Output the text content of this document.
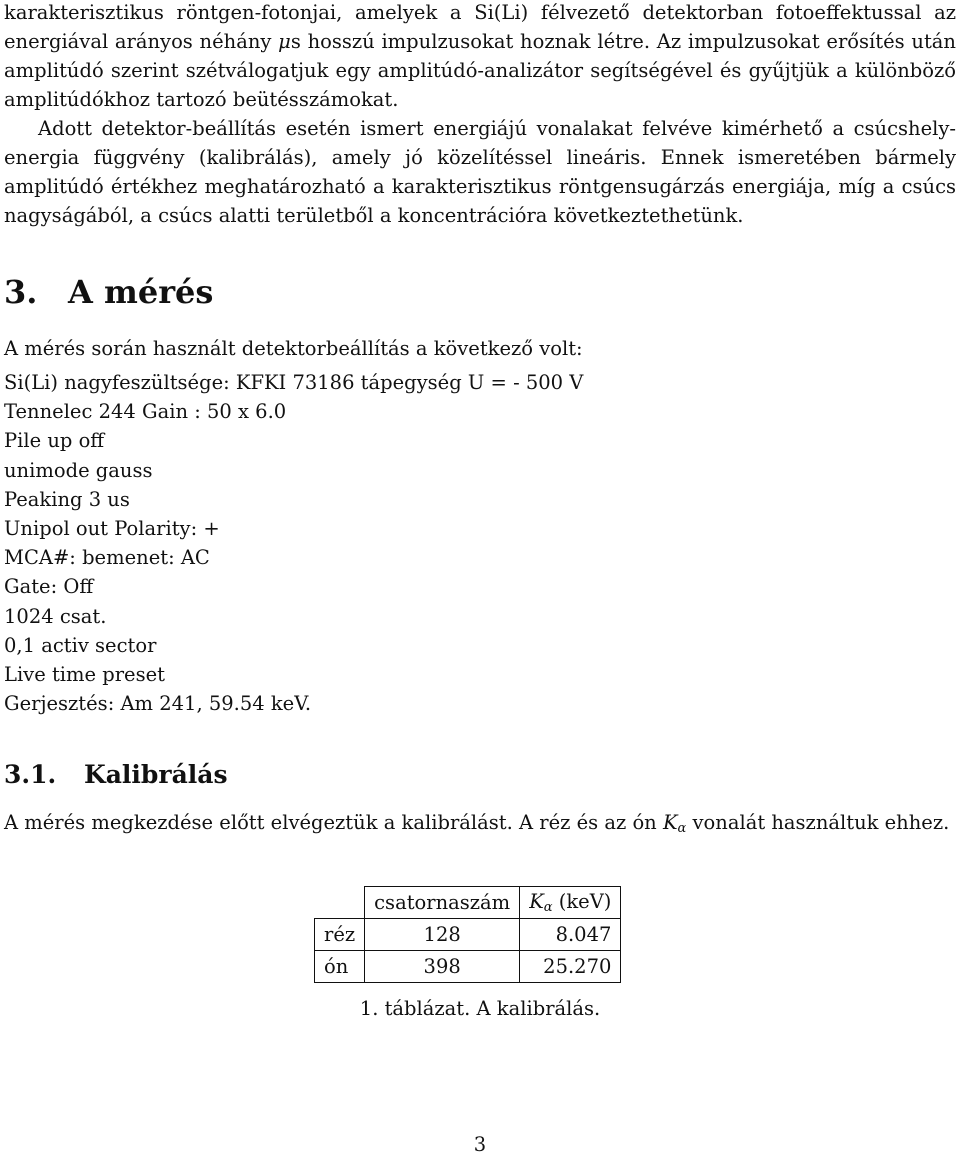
karakterisztikus röntgen-fotonjai, amelyek a Si(Li) félvezető detektorban fotoeffektussal az energiával arányos néhány μs hosszú impulzusokat hoznak létre. Az impulzusokat erősítés után amplitúdó szerint szétválogatjuk egy amplitúdó-analizátor segítségével és gyűjtjük a különböző amplitúdókhoz tartozó beütésszámokat.

Adott detektor-beállítás esetén ismert energiájú vonalakat felvéve kimérhető a csúcshely-energia függvény (kalibrálás), amely jó közelítéssel lineáris. Ennek ismeretében bármely amplitúdó értékhez meghatározható a karakterisztikus röntgensugárzás energiája, míg a csúcs nagyságából, a csúcs alatti területből a koncentrációra következtethetünk.

3. A mérés

A mérés során használt detektorbeállítás a következő volt:

Si(Li) nagyfeszültsége: KFKI 73186 tápegység U = - 500 V
Tennelec 244 Gain : 50 x 6.0
Pile up off
unimode gauss
Peaking 3 us
Unipol out Polarity: +
MCA#: bemenet: AC
Gate: Off
1024 csat.
0,1 activ sector
Live time preset
Gerjesztés: Am 241, 59.54 keV.
3.1. Kalibrálás

A mérés megkezdése előtt elvégeztük a kalibrálást. A réz és az ón $K_\alpha$ vonalát használtuk ehhez.

	csatornaszám	$K_\alpha$ (keV)
réz	128	8.047
ón	398	25.270
1. táblázat. A kalibrálás.
3
